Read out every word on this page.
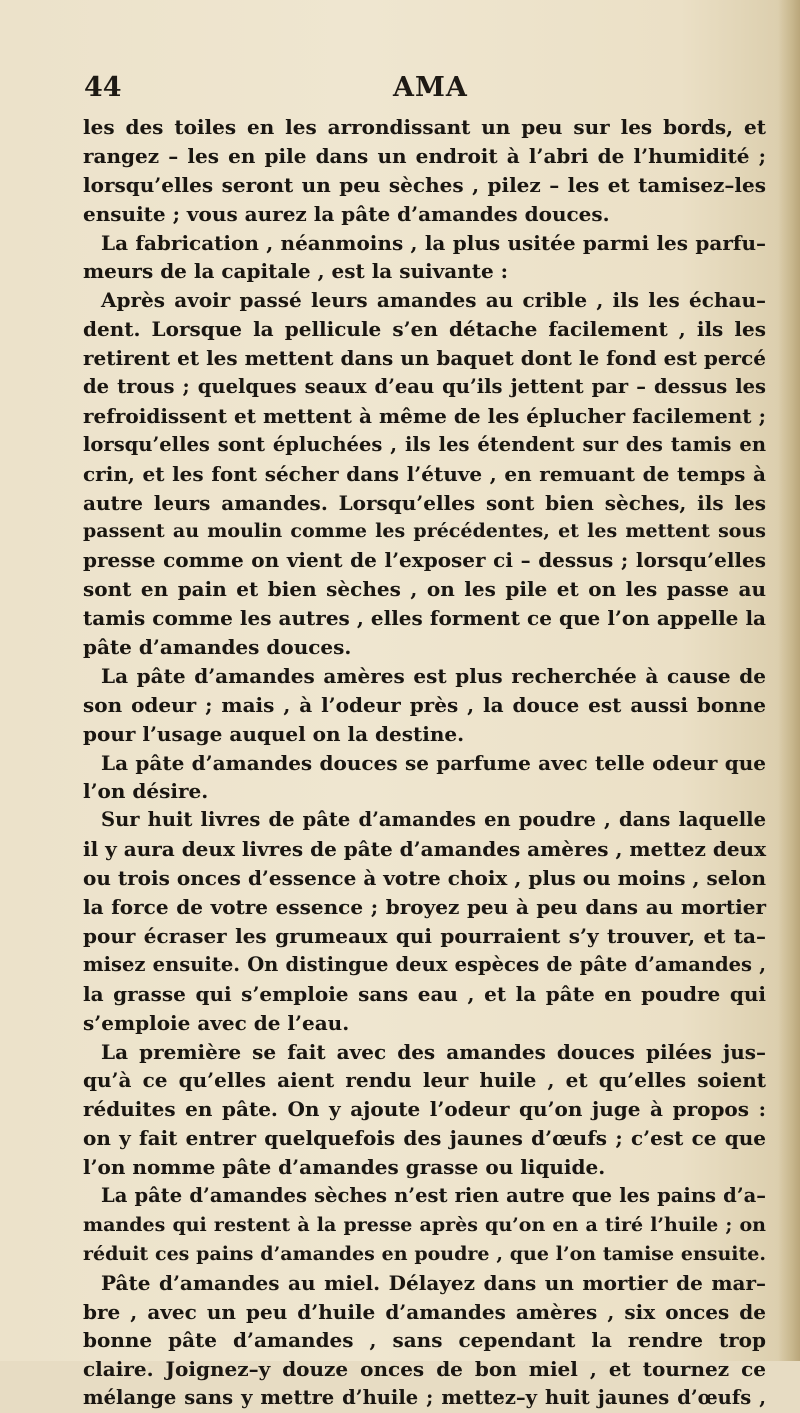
44	AMA
les des toiles en les arrondissant un peu sur les bords, et
rangez – les en pile dans un endroit à l’abri de l’humidité ;
lorsqu’elles seront un peu sèches , pilez – les et tamisez–les
ensuite ; vous aurez la pâte d’amandes douces.
La fabrication , néanmoins , la plus usitée parmi les parfu–
meurs de la capitale , est la suivante :
Après avoir passé leurs amandes au crible , ils les échau–
dent. Lorsque la pellicule s’en détache facilement , ils les
retirent et les mettent dans un baquet dont le fond est percé
de trous ; quelques seaux d’eau qu’ils jettent par – dessus les
refroidissent et mettent à même de les éplucher facilement ;
lorsqu’elles sont épluchées , ils les étendent sur des tamis en
crin, et les font sécher dans l’étuve , en remuant de temps à
autre leurs amandes. Lorsqu’elles sont bien sèches, ils les
passent au moulin comme les précédentes, et les mettent sous
presse comme on vient de l’exposer ci – dessus ; lorsqu’elles
sont en pain et bien sèches , on les pile et on les passe au
tamis comme les autres , elles forment ce que l’on appelle la
pâte d’amandes douces.
La pâte d’amandes amères est plus recherchée à cause de
son odeur ; mais , à l’odeur près , la douce est aussi bonne
pour l’usage auquel on la destine.
La pâte d’amandes douces se parfume avec telle odeur que
l’on désire.
Sur huit livres de pâte d’amandes en poudre , dans laquelle
il y aura deux livres de pâte d’amandes amères , mettez deux
ou trois onces d’essence à votre choix , plus ou moins , selon
la force de votre essence ; broyez peu à peu dans au mortier
pour écraser les grumeaux qui pourraient s’y trouver, et ta–
misez ensuite. On distingue deux espèces de pâte d’amandes ,
la grasse qui s’emploie sans eau , et la pâte en poudre qui
s’emploie avec de l’eau.
La première se fait avec des amandes douces pilées jus–
qu’à ce qu’elles aient rendu leur huile , et qu’elles soient
réduites en pâte. On y ajoute l’odeur qu’on juge à propos :
on y fait entrer quelquefois des jaunes d’œufs ; c’est ce que
l’on nomme pâte d’amandes grasse ou liquide.
La pâte d’amandes sèches n’est rien autre que les pains d’a–
mandes qui restent à la presse après qu’on en a tiré l’huile ; on
réduit ces pains d’amandes en poudre , que l’on tamise ensuite.
Pâte d’amandes au miel. Délayez dans un mortier de mar–
bre , avec un peu d’huile d’amandes amères , six onces de
bonne pâte d’amandes , sans cependant la rendre trop
claire. Joignez–y douze onces de bon miel , et tournez ce
mélange sans y mettre d’huile ; mettez–y huit jaunes d’œufs ,
